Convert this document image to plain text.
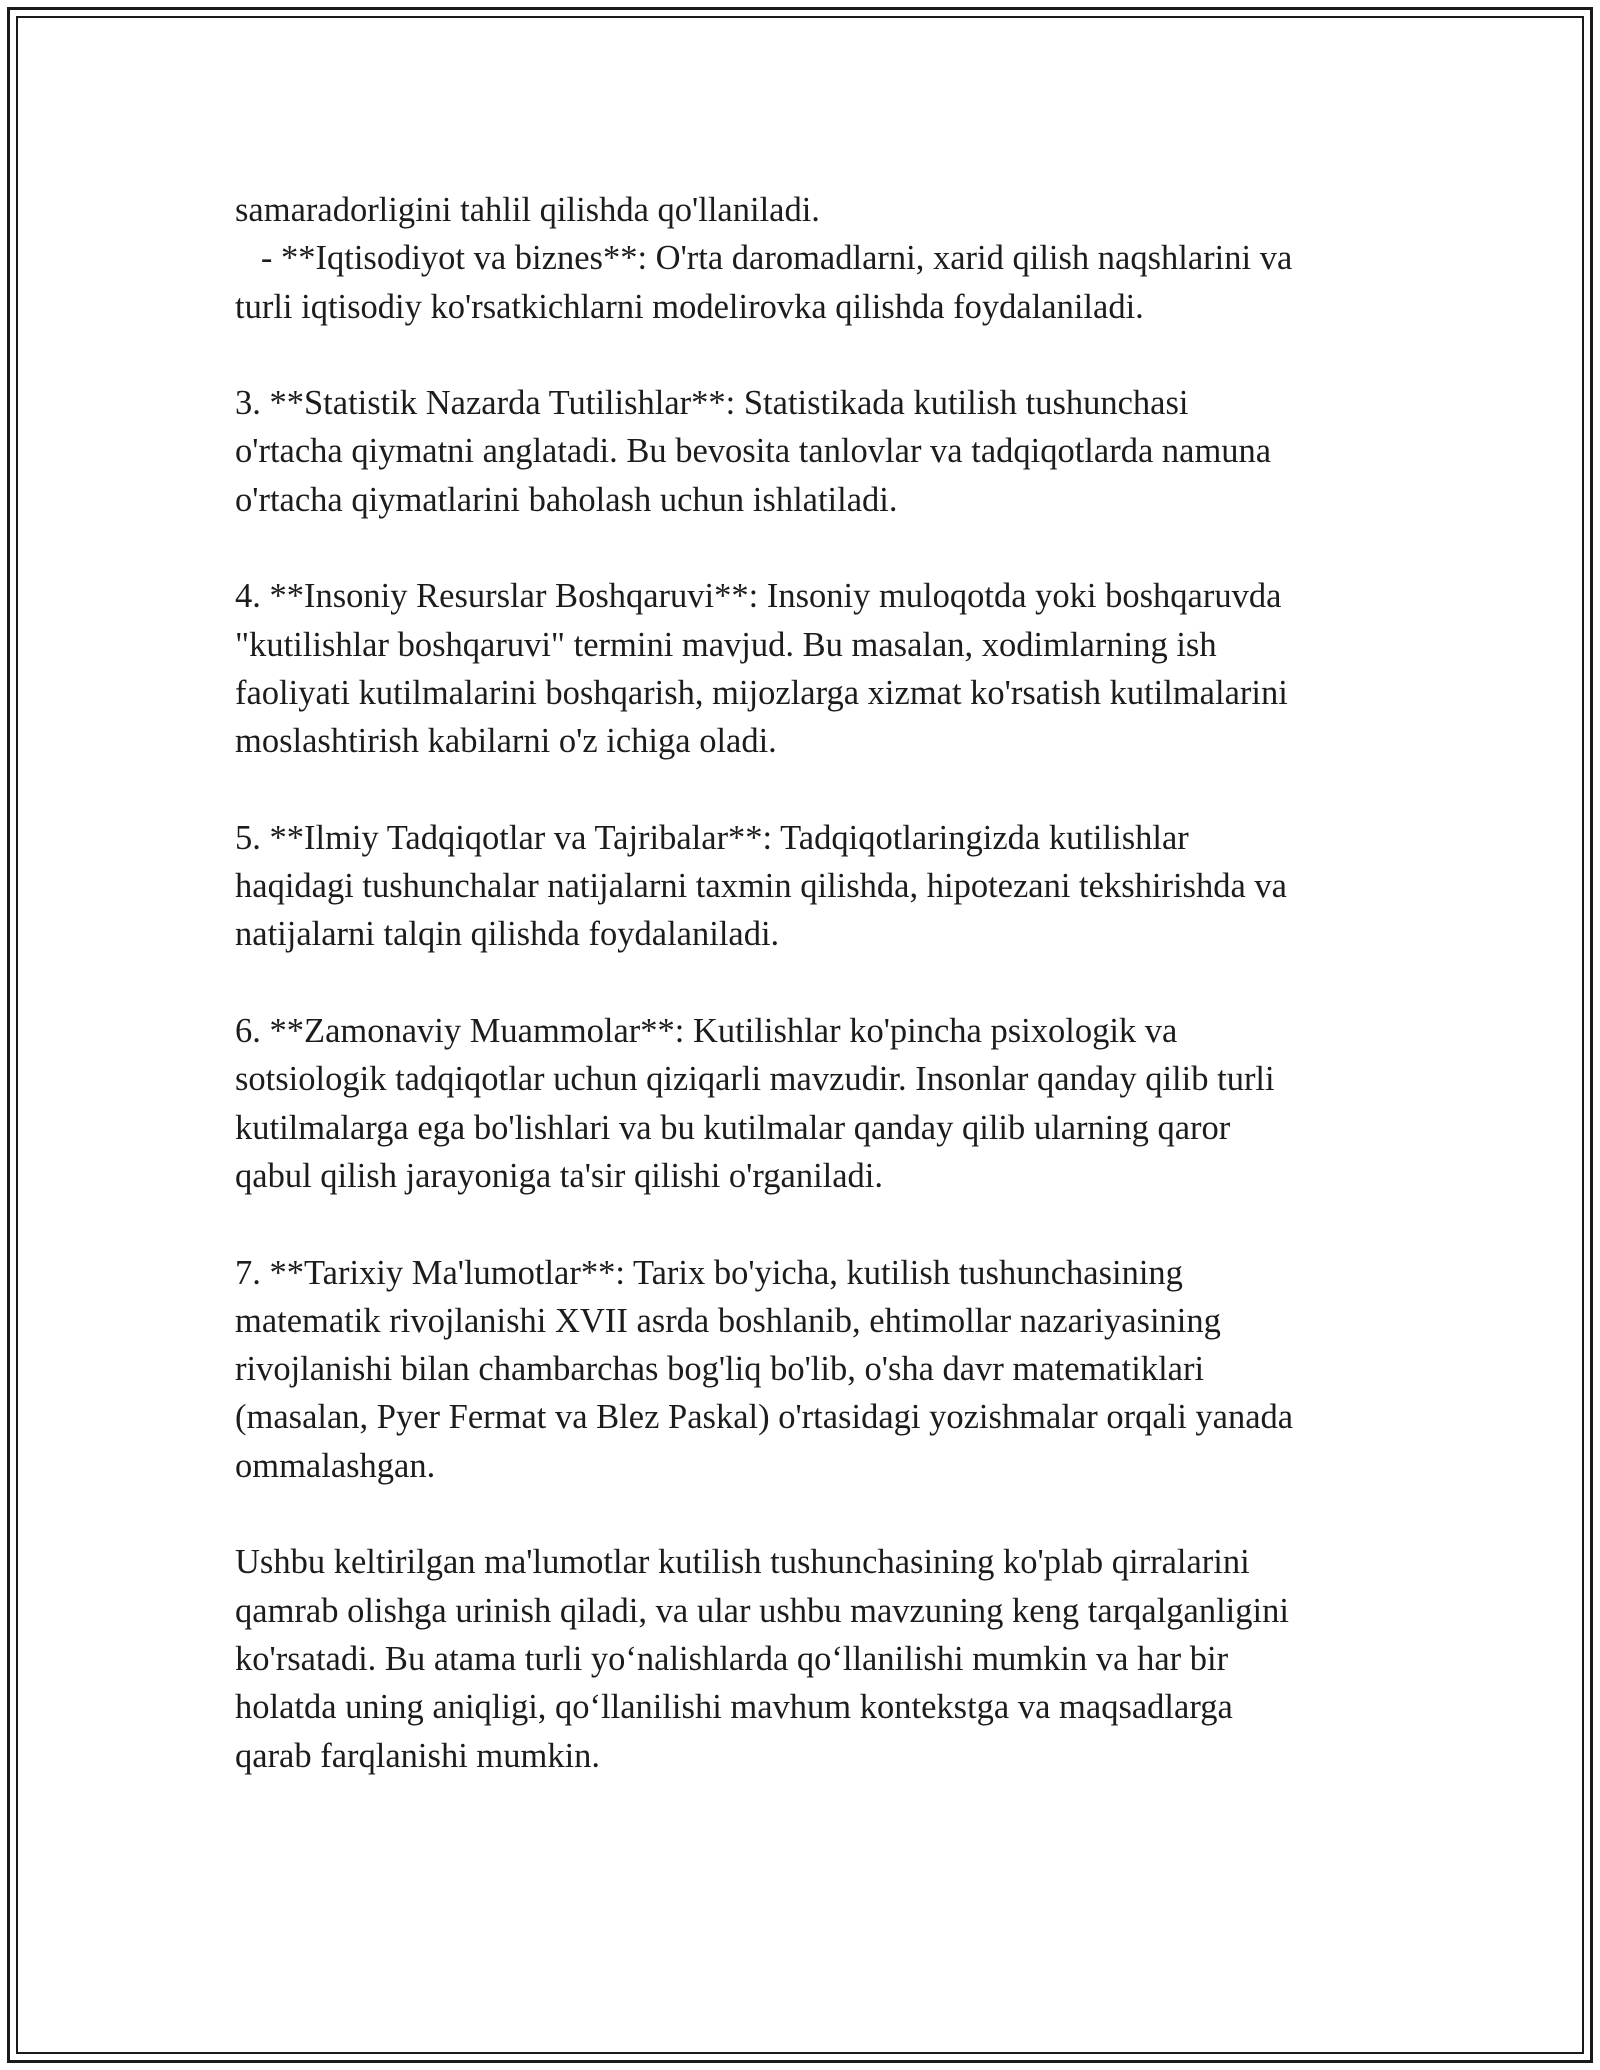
samaradorligini tahlil qilishda qo'llaniladi.
- **Iqtisodiyot va biznes**: O'rta daromadlarni, xarid qilish naqshlarini va
turli iqtisodiy ko'rsatkichlarni modelirovka qilishda foydalaniladi.
3. **Statistik Nazarda Tutilishlar**: Statistikada kutilish tushunchasi
o'rtacha qiymatni anglatadi. Bu bevosita tanlovlar va tadqiqotlarda namuna
o'rtacha qiymatlarini baholash uchun ishlatiladi.
4. **Insoniy Resurslar Boshqaruvi**: Insoniy muloqotda yoki boshqaruvda
"kutilishlar boshqaruvi" termini mavjud. Bu masalan, xodimlarning ish
faoliyati kutilmalarini boshqarish, mijozlarga xizmat ko'rsatish kutilmalarini
moslashtirish kabilarni o'z ichiga oladi.
5. **Ilmiy Tadqiqotlar va Tajribalar**: Tadqiqotlaringizda kutilishlar
haqidagi tushunchalar natijalarni taxmin qilishda, hipotezani tekshirishda va
natijalarni talqin qilishda foydalaniladi.
6. **Zamonaviy Muammolar**: Kutilishlar ko'pincha psixologik va
sotsiologik tadqiqotlar uchun qiziqarli mavzudir. Insonlar qanday qilib turli
kutilmalarga ega bo'lishlari va bu kutilmalar qanday qilib ularning qaror
qabul qilish jarayoniga ta'sir qilishi o'rganiladi.
7. **Tarixiy Ma'lumotlar**: Tarix bo'yicha, kutilish tushunchasining
matematik rivojlanishi XVII asrda boshlanib, ehtimollar nazariyasining
rivojlanishi bilan chambarchas bog'liq bo'lib, o'sha davr matematiklari
(masalan, Pyer Fermat va Blez Paskal) o'rtasidagi yozishmalar orqali yanada
ommalashgan.
Ushbu keltirilgan ma'lumotlar kutilish tushunchasining ko'plab qirralarini
qamrab olishga urinish qiladi, va ular ushbu mavzuning keng tarqalganligini
ko'rsatadi. Bu atama turli yo‘nalishlarda qo‘llanilishi mumkin va har bir
holatda uning aniqligi, qo‘llanilishi mavhum kontekstga va maqsadlarga
qarab farqlanishi mumkin.
